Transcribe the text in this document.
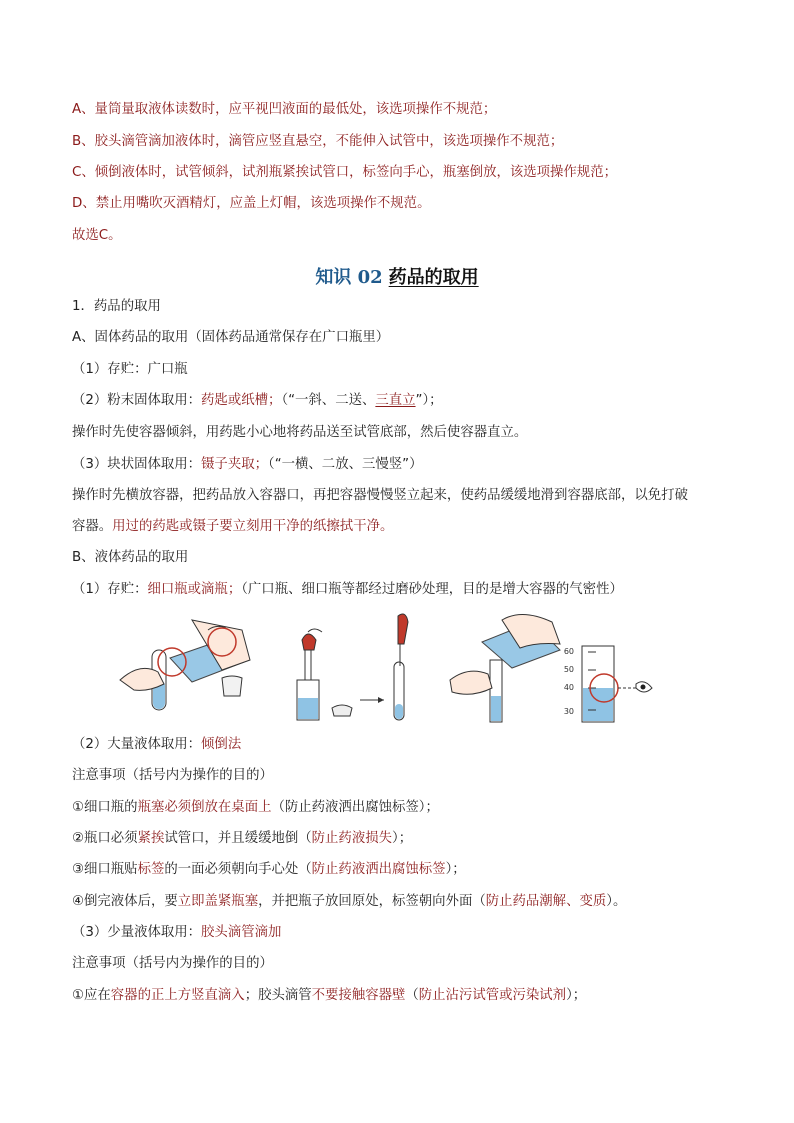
A、量筒量取液体读数时，应平视凹液面的最低处，该选项操作不规范；
B、胶头滴管滴加液体时，滴管应竖直悬空，不能伸入试管中，该选项操作不规范；
C、倾倒液体时，试管倾斜，试剂瓶紧挨试管口，标签向手心，瓶塞倒放，该选项操作规范；
D、禁止用嘴吹灭酒精灯，应盖上灯帽，该选项操作不规范。
故选C。
知识 02 药品的取用
1．药品的取用
A、固体药品的取用（固体药品通常保存在广口瓶里）
（1）存贮：广口瓶
（2）粉末固体取用：药匙或纸槽；（“一斜、二送、三直立”）；
操作时先使容器倾斜，用药匙小心地将药品送至试管底部，然后使容器直立。
（3）块状固体取用：镊子夹取；（“一横、二放、三慢竖”）
操作时先横放容器，把药品放入容器口，再把容器慢慢竖立起来，使药品缓缓地滑到容器底部，以免打破
容器。用过的药匙或镊子要立刻用干净的纸擦拭干净。
B、液体药品的取用
（1）存贮：细口瓶或滴瓶；（广口瓶、细口瓶等都经过磨砂处理，目的是增大容器的气密性）
60
50
40
30
（2）大量液体取用：倾倒法
注意事项（括号内为操作的目的）
①细口瓶的瓶塞必须倒放在桌面上（防止药液洒出腐蚀标签）；
②瓶口必须紧挨试管口，并且缓缓地倒（防止药液损失）；
③细口瓶贴标签的一面必须朝向手心处（防止药液洒出腐蚀标签）；
④倒完液体后，要立即盖紧瓶塞，并把瓶子放回原处，标签朝向外面（防止药品潮解、变质）。
（3）少量液体取用：胶头滴管滴加
注意事项（括号内为操作的目的）
①应在容器的正上方竖直滴入；胶头滴管不要接触容器壁（防止沾污试管或污染试剂）；
